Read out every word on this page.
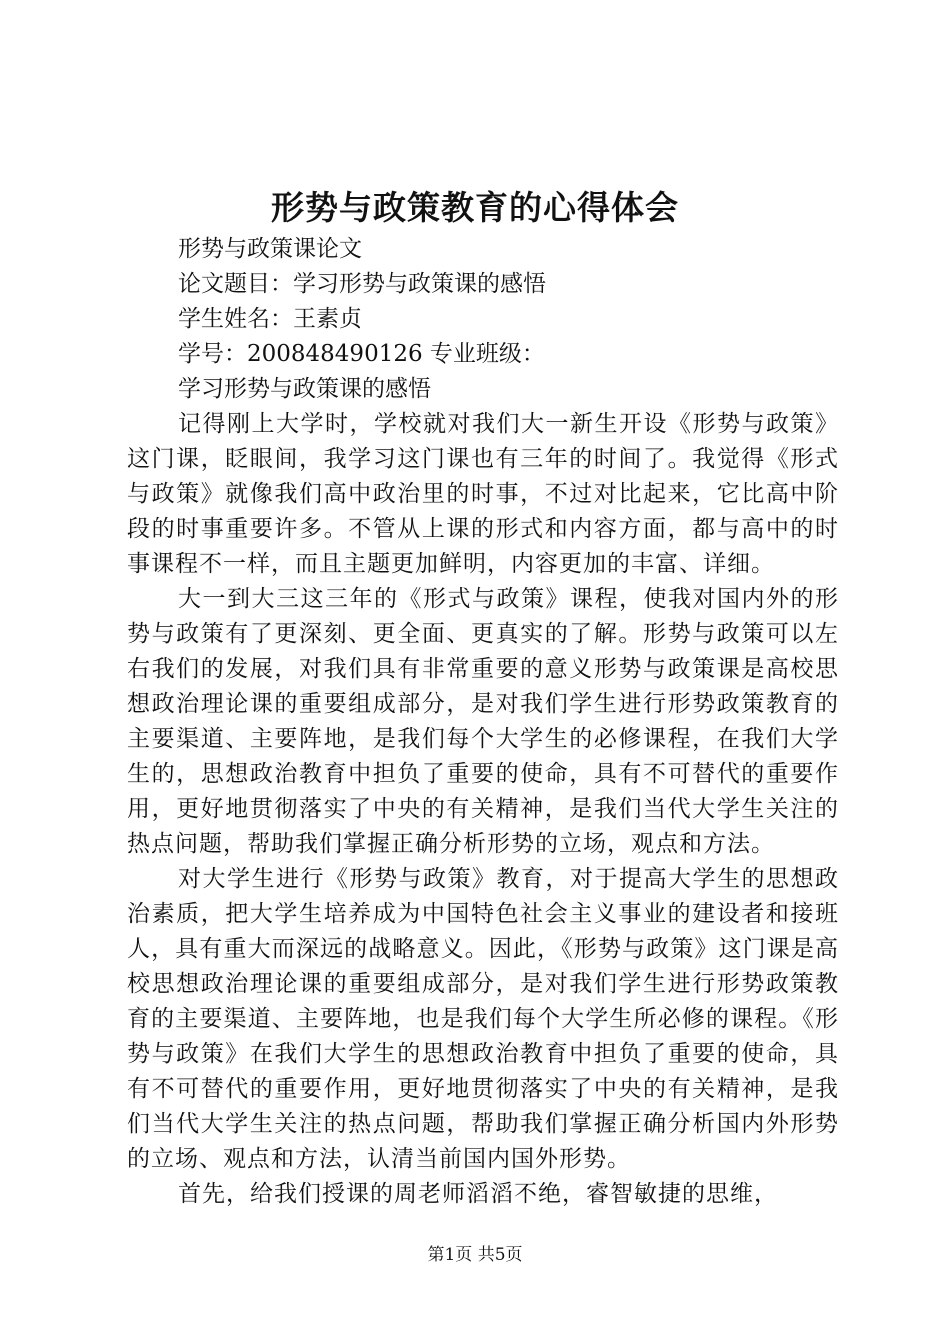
形势与政策教育的心得体会

形势与政策课论文

论文题目：学习形势与政策课的感悟

学生姓名：王素贞

学号：200848490126 专业班级：

学习形势与政策课的感悟

记得刚上大学时，学校就对我们大一新生开设《形势与政策》这门课，眨眼间，我学习这门课也有三年的时间了。我觉得《形式与政策》就像我们高中政治里的时事，不过对比起来，它比高中阶段的时事重要许多。不管从上课的形式和内容方面，都与高中的时事课程不一样，而且主题更加鲜明，内容更加的丰富、详细。

大一到大三这三年的《形式与政策》课程，使我对国内外的形势与政策有了更深刻、更全面、更真实的了解。形势与政策可以左右我们的发展，对我们具有非常重要的意义形势与政策课是高校思想政治理论课的重要组成部分，是对我们学生进行形势政策教育的主要渠道、主要阵地，是我们每个大学生的必修课程，在我们大学生的，思想政治教育中担负了重要的使命，具有不可替代的重要作用，更好地贯彻落实了中央的有关精神，是我们当代大学生关注的热点问题，帮助我们掌握正确分析形势的立场，观点和方法。

对大学生进行《形势与政策》教育，对于提高大学生的思想政治素质，把大学生培养成为中国特色社会主义事业的建设者和接班人，具有重大而深远的战略意义。因此，《形势与政策》这门课是高校思想政治理论课的重要组成部分，是对我们学生进行形势政策教育的主要渠道、主要阵地，也是我们每个大学生所必修的课程。《形势与政策》在我们大学生的思想政治教育中担负了重要的使命，具有不可替代的重要作用，更好地贯彻落实了中央的有关精神，是我们当代大学生关注的热点问题，帮助我们掌握正确分析国内外形势的立场、观点和方法，认清当前国内国外形势。

首先，给我们授课的周老师滔滔不绝，睿智敏捷的思维，

第1页 共5页
